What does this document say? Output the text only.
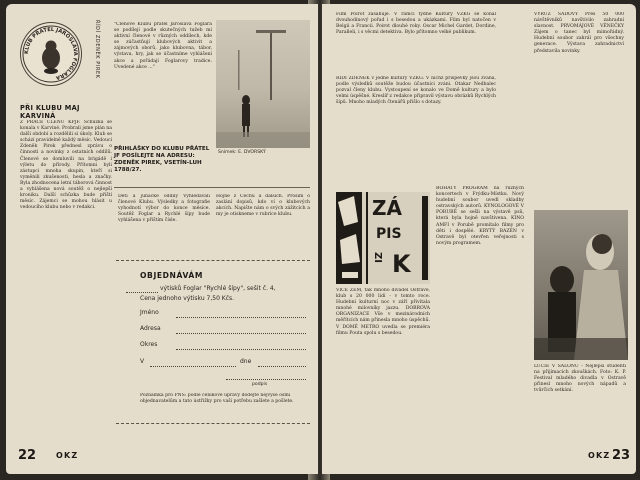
KLUB PŘÁTEL JAROSLAVA FOGLARA	ŘÍDÍ ZDENĚK PIREK	"Členové Klubu přátel Jaroslava Foglara se podílejí podle skutečných tužeb mí aktivní členové v různých oddílech, kde se zúčastňují klubových aktivit a zájmových oborů, jako klubovna, tábor, výstava, hry, jak se účastníme vyhlášení akce a pořádají Foglarovy tradice. Uvedené akce ..."
Snímek: E. DVORSKÝ
PŘI KLUBU MAJ KARVINÁ
Z PRÁCE ČLENŮ KPJF. Schůzka se konala v Karviné. Probrali jsme plán na další období a rozdělili si úkoly. Klub se schází pravidelně každý měsíc. Vedoucí Zdeněk Pirek přednesl zprávu o činnosti a novinky z ostatních oddílů. Členové se domluvili na brigádě i výletu do přírody. Přítomni byli zástupci mnoha skupin, kteří si vyměnili zkušenosti, hesla a značky. Byla zhodnocena letní táborová činnost a vyhlášena nová soutěž o nejlepší kroniku. Další schůzka bude příští měsíc. Zájemci se mohou hlásit u vedoucího klubu nebo v redakci.
PŘIHLÁŠKY DO KLUBU PŘÁTEL JF POSÍLEJTE NA ADRESU: ZDENĚK PIREK, VSETÍN-LUH 1788/27.
Děti a junácké oddíly Vyhledávali členové Klubu. Výsledky a fotografie vyhodnotí výbor do konce měsíce. Soutěž Foglar a Rychlé šípy bude vyhlášena v příštím čísle.
Hojně z Čechů a dalších. Prosím o zaslání dopisů, kdo ví o klubových akcích. Napište nám o svých zážitcích a my je otiskneme v rubrice klubu.
OBJEDNÁVÁM
výtisků Foglar "Rychlé šípy", sešit č. 4,
Cena jednoho výtisku 7,50 Kčs.
Jméno
Adresa
Okres
V	dne
podpis
Poznámka pro PNS: podle ceníkové úpravy dodejte nejvýše osmi objednavatelům a tato ústřižky pro vaší potřebu zašlete a pošlete.
22 OKZ
Film Poirot zasahuje. V rámci týdne Kultury VZKG se konal dvouhodinový pořad i s besedou a ukázkami. Film byl natočen v Belgii a Francii. Poirot dlouhé roky. Oscar Michel Gardet, Dordine, Paralleli, i s věcmi detektiva. Bylo přítomno velké publikum.
ŘÍDÍ ZDENĚK v jedné kultury VZKG. V nichž příspěvky jsou zvána, podle výsledků soutěže budou účastníci zváni. Otakar Nedbalec pozval členy klubu. Vystoupení se konalo ve Domě kultury a bylo velmi úspěšné. Kreslíř z redakce připravil výstavu obrázků Rychlých šípů. Mnoho mladých čtenářů přišlo s dotazy.
ZÁ
PIS
ZI K
VICE ZEM, tak mnoho divadel Ostravě, klub s 20 000 lidí - v tomto roce. Hudební kulturní noc v září přivítala mnohé milovníky jazzu. DOBROVA ORGANIZACE Vše v mezinárodních měřítcích nám přinesla mnoho úspěchů. V DOMĚ METRO uvedla se premiéra filmu Pouta spolu s besedou.
BOHATÝ PROGRAM na různých koncertech v Frýdku-Místku. Nový hudební soubor uvedl skladby ostravských autorů. KYNOLOGOVÉ V PORUBĚ se sešli na výstavě psů, která byla hojně navštívena. KINO AMFI v Porubě promítalo filmy pro děti i dospělé. KRYTÝ BAZÉN v Ostravě byl otevřen veřejnosti s novým programem.
VYRŮZ SADOVÝ Přes 50 000 návštěvníků navštívilo zahradní slavnost. PRVOMÁJOVÉ VĚNEČKY Zájem o tanec byl mimořádný. Hudební soubor zahrál pro všechny generace. Výstava zahradnictví představila novinky.
LUCIE V SALONU - Nejlepší studenti na přijímacích zkouškách. Foto: K. P. Festival mladého divadla v Ostravě přinesl mnoho nových nápadů a tvůrčích setkání.
OKZ 23
